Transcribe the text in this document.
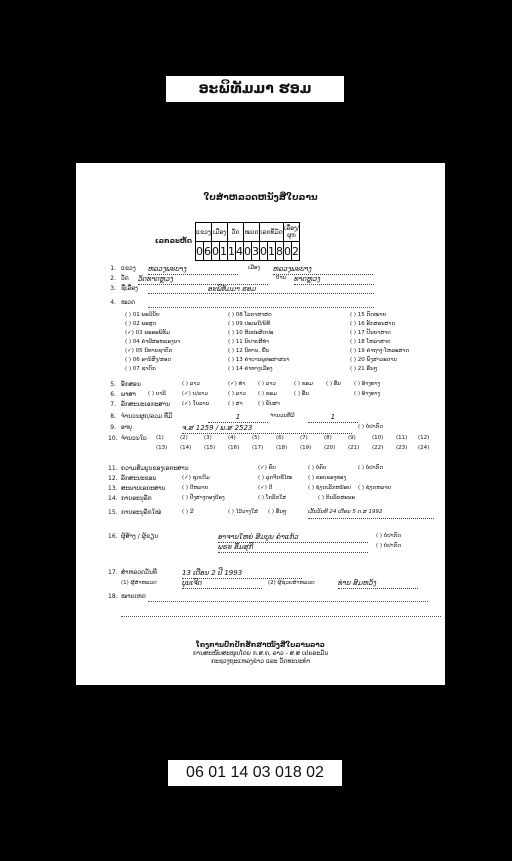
ອະພິທັມມາ ຮອມ
ໃບສຳຫລວດຫນັງສືໃບລານ
ເລກລະຫັດ
ແຂວງ		ເມືອງ		ວັດ		ໝວດ		ເລກທີ່ມັດ			ເລື່ອງ/ຜູກ	
0	6	0	1	1	4	0	3	0	1	8	0	2
1. ແຂວງ ຫລວງພະບາງ	ເມືອງ ຫລວງພະບາງ
2. ວັດ ວັດທາດຫຼວງ	ບ້ານ ທາດຫຼວງ
3. ຊື່ເລື່ອງ	ອະພິທັມມາ ຮອມ
4. ໝວດ
( ) 01 ພະວິນັຍ
( ) 02 ພະສູດ
(✓) 03 ພະອະພິທັມ
( ) 04 ຄຳພີສະຫລອງນາ
(✓) 05 ນິທານຊາດົກ
( ) 06 ອານິສົງ/ສອດ
( ) 07 ຊາດົກ
( ) 08 ໂລກາສາສດ
( ) 09 ປະເພນີ/ພິທີ
( ) 10 ສິລປະສິດປະ
( ) 11 ນິຍາຍສີທຳ
( ) 12 ນິທານ, ພື້ນ
( ) 13 ຄຳບານພຸທະສາສນາ
( ) 14 ຄຳທາງເມືອງ
( ) 15 ກົດໝາຍ
( ) 16 ອັກສອນສາດ
( ) 17 ປັນຍາສາດ
( ) 18 ໂຫລາສາດ
( ) 19 ຄຳຖາງ-ໂຫລະສາດ
( ) 20 ພົງສາວະດານ
( ) 21 ອື່ນໆ
5. ອັກສອນ	( ) ລາວ	(✓) ທຳ ( ) ລາວ	( ) ຂອມ ( ) ອື່ນ ( ) ອ້າງທາງ
6. ພາສາ ( ) ບາລີ	(✓) ບ/ລາວ	( ) ລາວ ( ) ຂອມ	( ) ອື່ນ	( ) ອ້າງທາງ
7. ລັກສະນະເອກະສານ (✓) ໃບລານ	( ) ສາ	( ) ພັບສາ
8. ຈຳນວນຜູກ/ລວມ ທີ່ມີ	1	ຈຳນວນທີ່ມີ	1
9. ອາຍຸ	ຈ.ສ 1259 / ພ.ສ 2523	( ) ບໍ່ປາກົດ
10. ຈຳນວນໃບ (1)	(2)	(3)	(4)	(5)	(6)	(7)	(8)	(9)	(10) (11) (12)
(13) (14) (15) (16) (17) (18) (19) (20) (21) (22) (23) (24)
11. ຄວາມສົມບູນຂອງເອກະສານ	(✓) ຄົບ	( ) ບໍ່ຄົບ	( ) ບໍ່ປາກົດ
12. ລັກສະນະຂອບ	(✓) ຊຸດເດີມ	( ) ລູກຈີດຂີ່ໄໝ	( ) ຂອບຂອງທອງ
13. ສະພາບເອກະສານ	( ) ດີຫລາຍ	(✓) ດີ	( ) ຊຳຸດເລັກຫນ້ອຍ ( ) ຊຳຸດຫລາຍ
14. ການອະນຸລັກ	( ) ປີ່ງສາງຕອງປ້ອງ	( ) ໂກລັກໃສ	( ) ກິນລັກສະນະ
15. ການອະນຸລັກໃໝ່	( ) ມີ	( ) ໄວ້ວາງໃສ່ ( ) ອື່ນໆ	ເວັ້ນວັນທີ 24 ເດືອນ 5 ດ.ສ 1992
16. ຜູ້ສ້າງ / ຜູ້ຂຽນ	ອາຈານໃຫຍ່ ສົມບູນ ຄຳແກ້ວ	( ) ບໍ່ປາກົດ
ພຣະ ອົ້ມສຸກີ	( ) ບໍ່ປາກົດ
17. ສຳຫລວດວັນທີ	13 ເດືອນ 2 ປີ 1993
(1) ຜູ້ສຳຫລວດ	ບຸນເຈີດ	(2) ຜູ້ຊ່ວຍສຳຫລວດ	ທ່ານ ສົມຫວັງ
18. ໝາຍເຫດ
ໂຄງການປົກປັກຮັກສາໜັງສືໃບລານລາວ
ການສະໜັບສະໜູນໂດຍ ກ.ສ.ຄ, ລາວ - ສ.ສ ເຢຍລະມັນ
ກະຊວງຖະແຫລງຂ່າວ ແລະ ວັດທະນະທຳ
06 01 14 03 018 02
